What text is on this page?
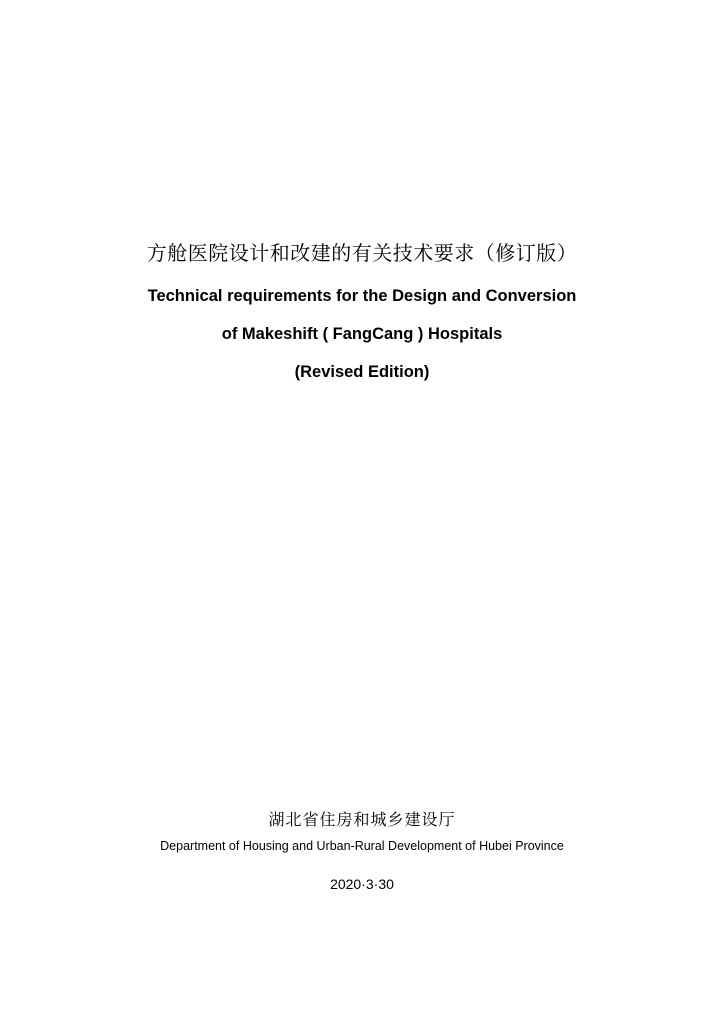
方舱医院设计和改建的有关技术要求（修订版）
Technical requirements for the Design and Conversion
of Makeshift ( FangCang ) Hospitals
(Revised Edition)
湖北省住房和城乡建设厅
Department of Housing and Urban-Rural Development of Hubei Province
2020·3·30
